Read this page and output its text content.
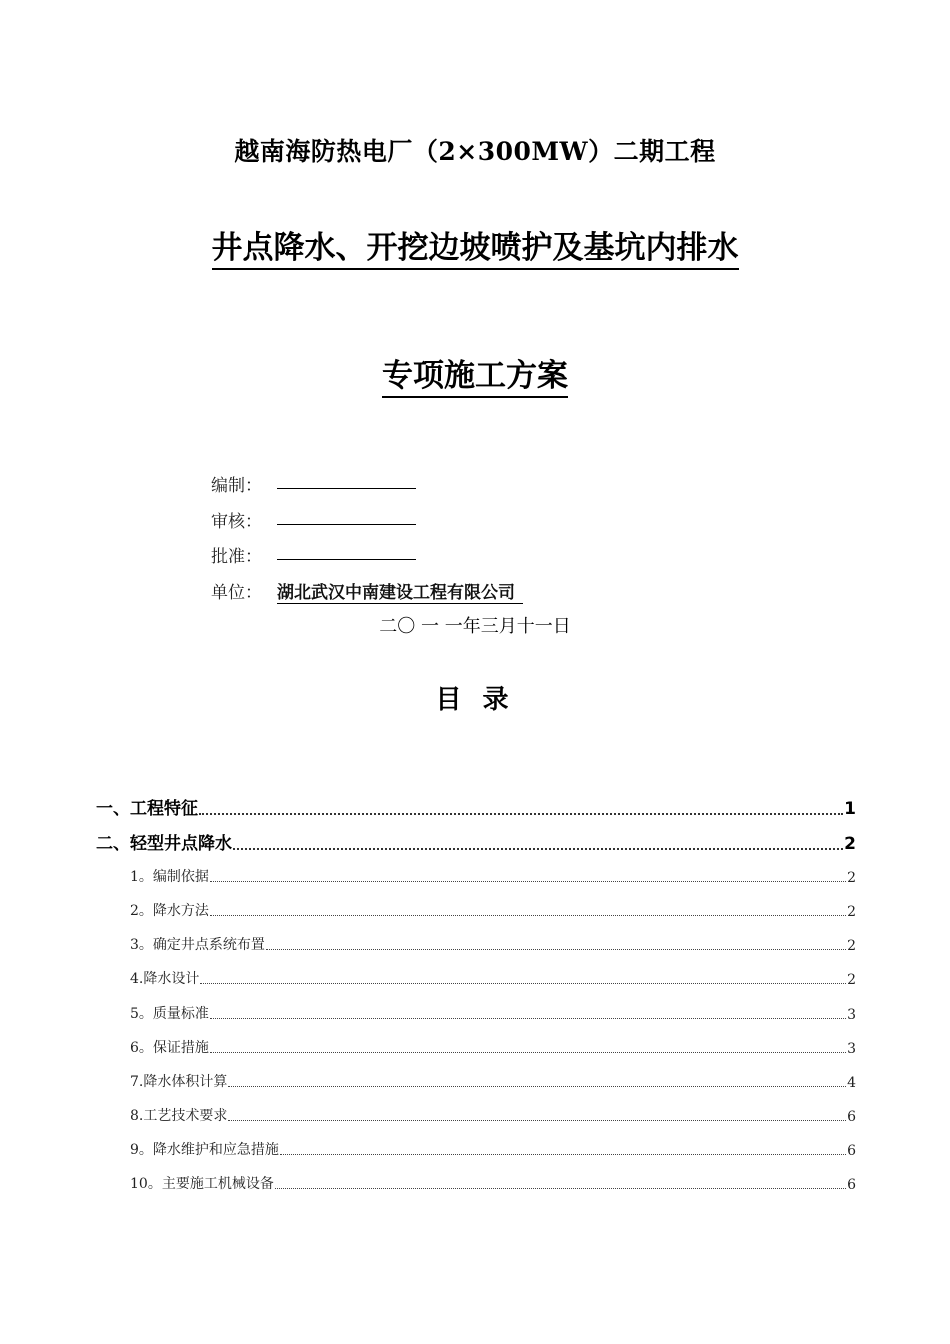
越南海防热电厂（2×300MW）二期工程
井点降水、开挖边坡喷护及基坑内排水
专项施工方案
编制：
审核：
批准：
单位： 湖北武汉中南建设工程有限公司
二〇 一 一年三月十一日
目 录
一、工程特征	1
二、轻型井点降水	2
1。编制依据	2
2。降水方法	2
3。确定井点系统布置	2
4.降水设计	2
5。质量标准	3
6。保证措施	3
7.降水体积计算	4
8.工艺技术要求	6
9。降水维护和应急措施	6
10。主要施工机械设备	6
